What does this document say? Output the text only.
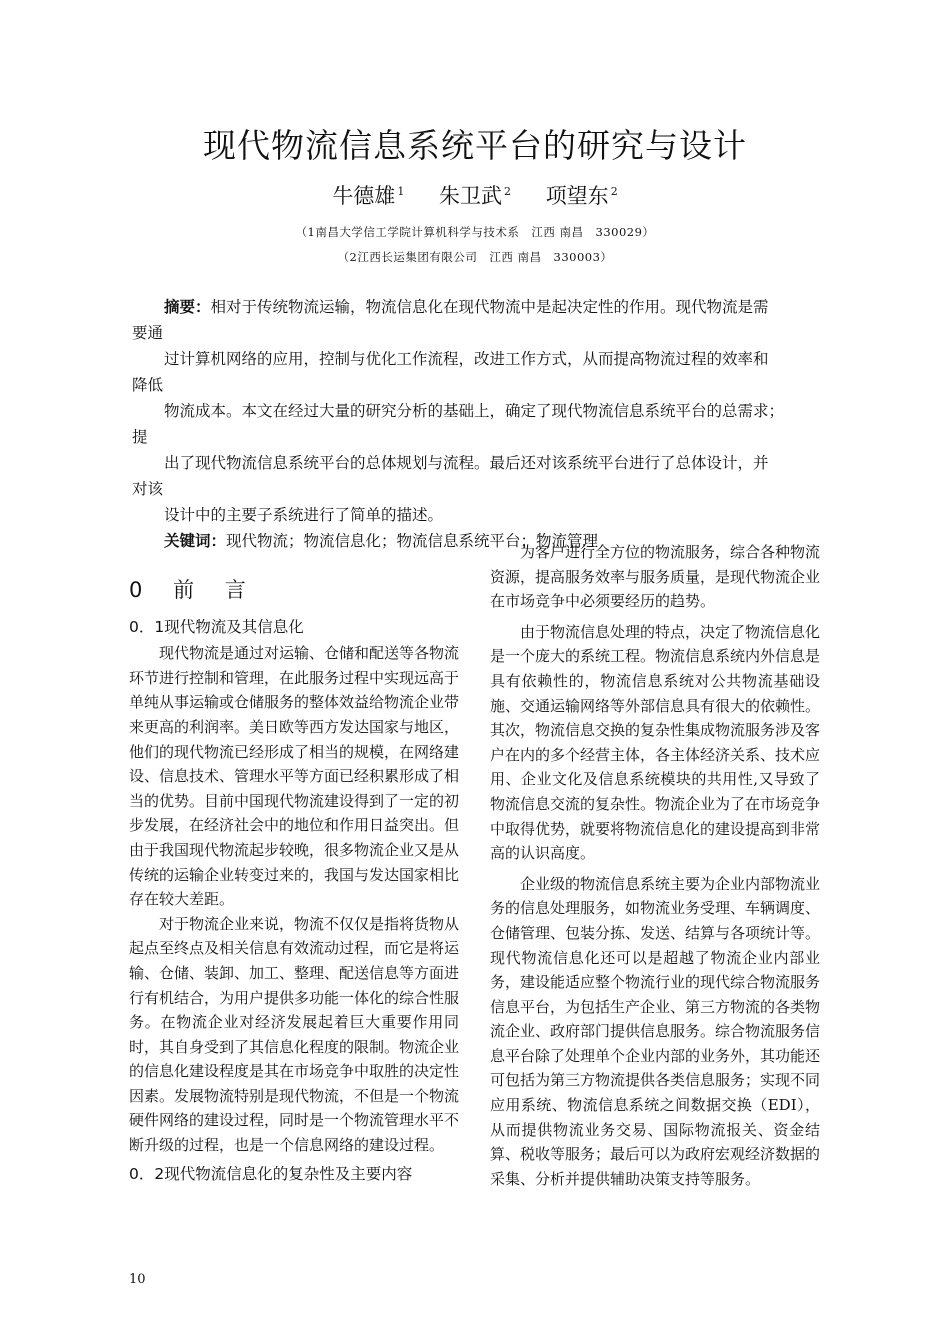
现代物流信息系统平台的研究与设计
牛德雄 $^1$ 朱卫武 $^2$ 项望东 $^2$
（1南昌大学信工学院计算机科学与技术系　江西 南昌　330029）
（2江西长运集团有限公司　江西 南昌　330003）
摘要：相对于传统物流运输，物流信息化在现代物流中是起决定性的作用。现代物流是需
要通
过计算机网络的应用，控制与优化工作流程，改进工作方式，从而提高物流过程的效率和
降低
物流成本。本文在经过大量的研究分析的基础上，确定了现代物流信息系统平台的总需求；
提
出了现代物流信息系统平台的总体规划与流程。最后还对该系统平台进行了总体设计，并
对该
设计中的主要子系统进行了简单的描述。
关键词：现代物流；物流信息化；物流信息系统平台；物流管理
0 前 言
0．1现代物流及其信息化

现代物流是通过对运输、仓储和配送等各物流环节进行控制和管理，在此服务过程中实现远高于单纯从事运输或仓储服务的整体效益给物流企业带来更高的利润率。美日欧等西方发达国家与地区，他们的现代物流已经形成了相当的规模，在网络建设、信息技术、管理水平等方面已经积累形成了相当的优势。目前中国现代物流建设得到了一定的初步发展，在经济社会中的地位和作用日益突出。但由于我国现代物流起步较晚，很多物流企业又是从传统的运输企业转变过来的，我国与发达国家相比存在较大差距。

对于物流企业来说，物流不仅仅是指将货物从起点至终点及相关信息有效流动过程，而它是将运输、仓储、装卸、加工、整理、配送信息等方面进行有机结合，为用户提供多功能一体化的综合性服务。在物流企业对经济发展起着巨大重要作用同时，其自身受到了其信息化程度的限制。物流企业的信息化建设程度是其在市场竞争中取胜的决定性因素。发展物流特别是现代物流，不但是一个物流硬件网络的建设过程，同时是一个物流管理水平不断升级的过程，也是一个信息网络的建设过程。

0．2现代物流信息化的复杂性及主要内容

为客户进行全方位的物流服务，综合各种物流资源，提高服务效率与服务质量，是现代物流企业在市场竞争中必须要经历的趋势。

由于物流信息处理的特点，决定了物流信息化是一个庞大的系统工程。物流信息系统内外信息是具有依赖性的，物流信息系统对公共物流基础设施、交通运输网络等外部信息具有很大的依赖性。其次，物流信息交换的复杂性集成物流服务涉及客户在内的多个经营主体，各主体经济关系、技术应用、企业文化及信息系统模块的共用性,又导致了物流信息交流的复杂性。物流企业为了在市场竞争中取得优势，就要将物流信息化的建设提高到非常高的认识高度。

企业级的物流信息系统主要为企业内部物流业务的信息处理服务，如物流业务受理、车辆调度、仓储管理、包装分拣、发送、结算与各项统计等。现代物流信息化还可以是超越了物流企业内部业务，建设能适应整个物流行业的现代综合物流服务信息平台，为包括生产企业、第三方物流的各类物流企业、政府部门提供信息服务。综合物流服务信息平台除了处理单个企业内部的业务外，其功能还可包括为第三方物流提供各类信息服务；实现不同应用系统、物流信息系统之间数据交换（EDI），从而提供物流业务交易、国际物流报关、资金结算、税收等服务；最后可以为政府宏观经济数据的采集、分析并提供辅助决策支持等服务。

10
